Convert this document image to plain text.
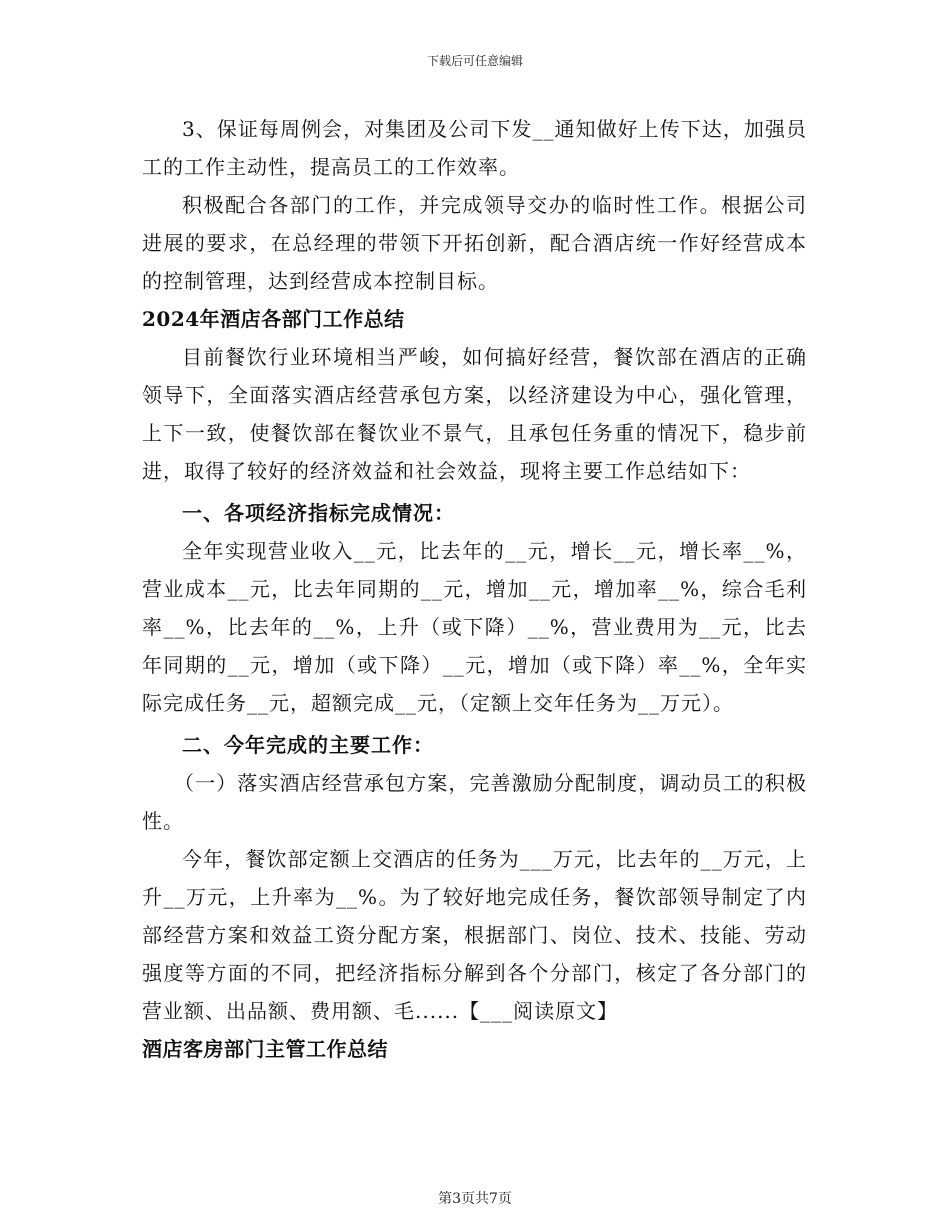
下载后可任意编辑

3、保证每周例会，对集团及公司下发__通知做好上传下达，加强员工的工作主动性，提高员工的工作效率。

积极配合各部门的工作，并完成领导交办的临时性工作。根据公司进展的要求，在总经理的带领下开拓创新，配合酒店统一作好经营成本的控制管理，达到经营成本控制目标。

2024年酒店各部门工作总结

目前餐饮行业环境相当严峻，如何搞好经营，餐饮部在酒店的正确领导下，全面落实酒店经营承包方案，以经济建设为中心，强化管理，上下一致，使餐饮部在餐饮业不景气，且承包任务重的情况下，稳步前进，取得了较好的经济效益和社会效益，现将主要工作总结如下：

一、各项经济指标完成情况：

全年实现营业收入__元，比去年的__元，增长__元，增长率__%，营业成本__元，比去年同期的__元，增加__元，增加率__%，综合毛利率__%，比去年的__%，上升（或下降）__%，营业费用为__元，比去年同期的__元，增加（或下降）__元，增加（或下降）率__%，全年实际完成任务__元，超额完成__元，（定额上交年任务为__万元）。

二、今年完成的主要工作：

（一）落实酒店经营承包方案，完善激励分配制度，调动员工的积极性。

今年，餐饮部定额上交酒店的任务为___万元，比去年的__万元，上升__万元，上升率为__%。为了较好地完成任务，餐饮部领导制定了内部经营方案和效益工资分配方案，根据部门、岗位、技术、技能、劳动强度等方面的不同，把经济指标分解到各个分部门，核定了各分部门的营业额、出品额、费用额、毛......【___阅读原文】

酒店客房部门主管工作总结

第3页共7页
